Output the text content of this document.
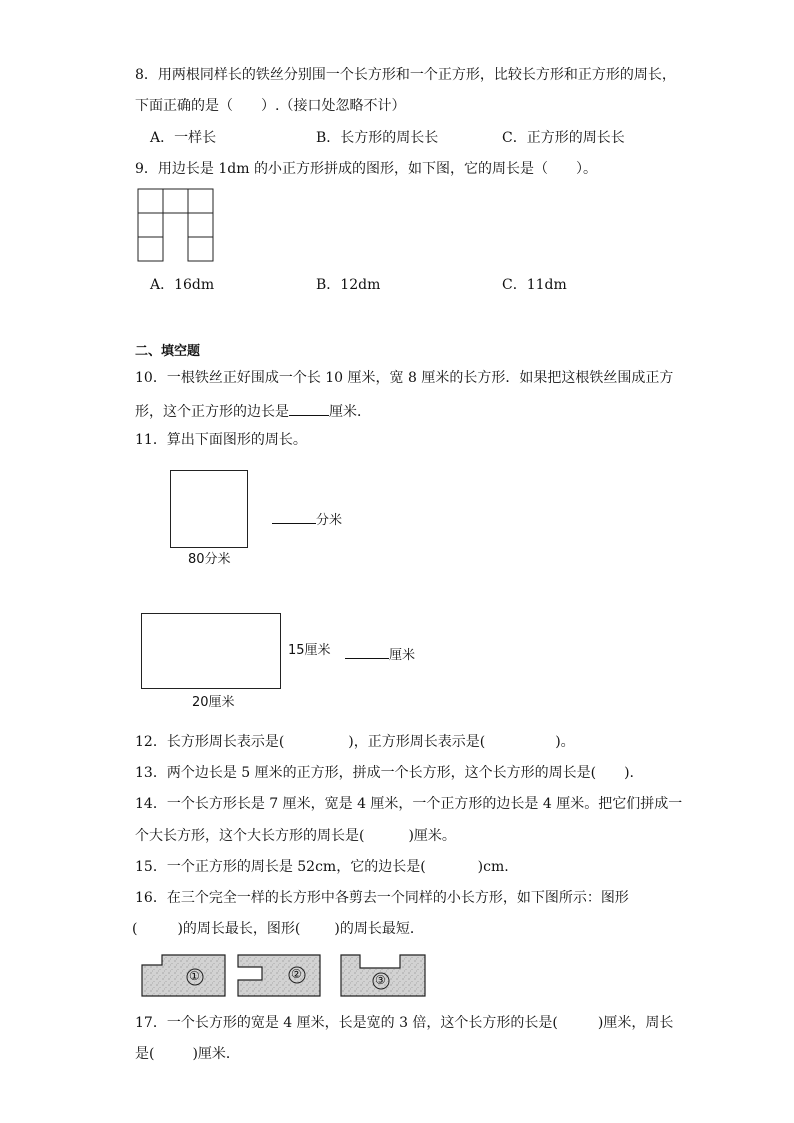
8．用两根同样长的铁丝分别围一个长方形和一个正方形，比较长方形和正方形的周长，
下面正确的是（　　）.（接口处忽略不计）
A．一样长	B．长方形的周长长	C．正方形的周长长
9．用边长是 1dm 的小正方形拼成的图形，如下图，它的周长是（　　）。
A．16dm	B．12dm	C．11dm
二、填空题
10．一根铁丝正好围成一个长 10 厘米，宽 8 厘米的长方形．如果把这根铁丝围成正方
形，这个正方形的边长是	厘米．
11．算出下面图形的周长。
80分米
分米
15厘米	厘米
20厘米
12．长方形周长表示是(	)，正方形周长表示是(	)。
13．两个边长是 5 厘米的正方形，拼成一个长方形，这个长方形的周长是( ).
14．一个长方形长是 7 厘米，宽是 4 厘米，一个正方形的边长是 4 厘米。把它们拼成一
个大长方形，这个大长方形的周长是(	)厘米。
15．一个正方形的周长是 52cm，它的边长是(	)cm.
16．在三个完全一样的长方形中各剪去一个同样的小长方形，如下图所示：图形
(	)的周长最长，图形( )的周长最短．
①	②	③
17．一个长方形的宽是 4 厘米，长是宽的 3 倍，这个长方形的长是(	)厘米，周长
是(	)厘米．
